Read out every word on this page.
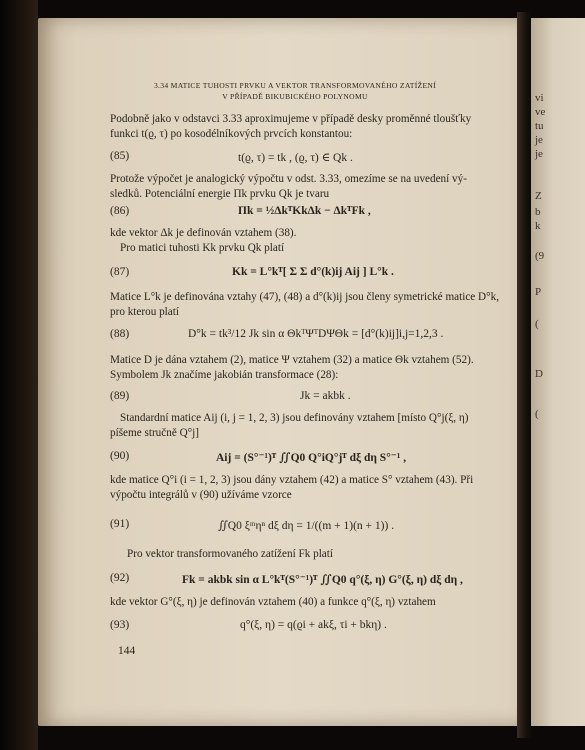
vi
ve
tu
je
je
Z
b
k
(9
P
(
D
(
3.34 MATICE TUHOSTI PRVKU A VEKTOR TRANSFORMOVANÉHO ZATÍŽENÍ
V PŘÍPADĚ BIKUBICKÉHO POLYNOMU
Podobně jako v odstavci 3.33 aproximujeme v případě desky proměnné tloušťky
funkci t(ϱ, τ) po kosodélníkových prvcích konstantou:
(85)	t(ϱ, τ) = tk , (ϱ, τ) ∈ Qk .
Protože výpočet je analogický výpočtu v odst. 3.33, omezíme se na uvedení vý-
sledků. Potenciální energie Πk prvku Qk je tvaru
(86)	Πk = ½ΔkᵀKkΔk − ΔkᵀFk ,
kde vektor Δk je definován vztahem (38).
Pro matici tuhosti Kk prvku Qk platí
(87)	Kk = L°kᵀ[ Σ Σ d°(k)ij Aij ] L°k .
Matice L°k je definována vztahy (47), (48) a d°(k)ij jsou členy symetrické matice D°k,
pro kterou platí
(88)	D°k = tk³/12 Jk sin α ΘkᵀΨᵀDΨΘk = [d°(k)ij]i,j=1,2,3 .
Matice D je dána vztahem (2), matice Ψ vztahem (32) a matice Θk vztahem (52).
Symbolem Jk značíme jakobián transformace (28):
(89)	Jk = akbk .
Standardní matice Aij (i, j = 1, 2, 3) jsou definovány vztahem [místo Q°j(ξ, η)
píšeme stručně Q°j]
(90)	Aij = (S°⁻¹)ᵀ ∬Q0 Q°iQ°jᵀ dξ dη S°⁻¹ ,
kde matice Q°i (i = 1, 2, 3) jsou dány vztahem (42) a matice S° vztahem (43). Při
výpočtu integrálů v (90) užíváme vzorce
(91)	∬Q0 ξᵐηⁿ dξ dη = 1/((m + 1)(n + 1)) .
Pro vektor transformovaného zatížení Fk platí
(92)	Fk = akbk sin α L°kᵀ(S°⁻¹)ᵀ ∬Q0 q°(ξ, η) G°(ξ, η) dξ dη ,
kde vektor G°(ξ, η) je definován vztahem (40) a funkce q°(ξ, η) vztahem
(93)	q°(ξ, η) = q(ϱi + akξ, τi + bkη) .
144
